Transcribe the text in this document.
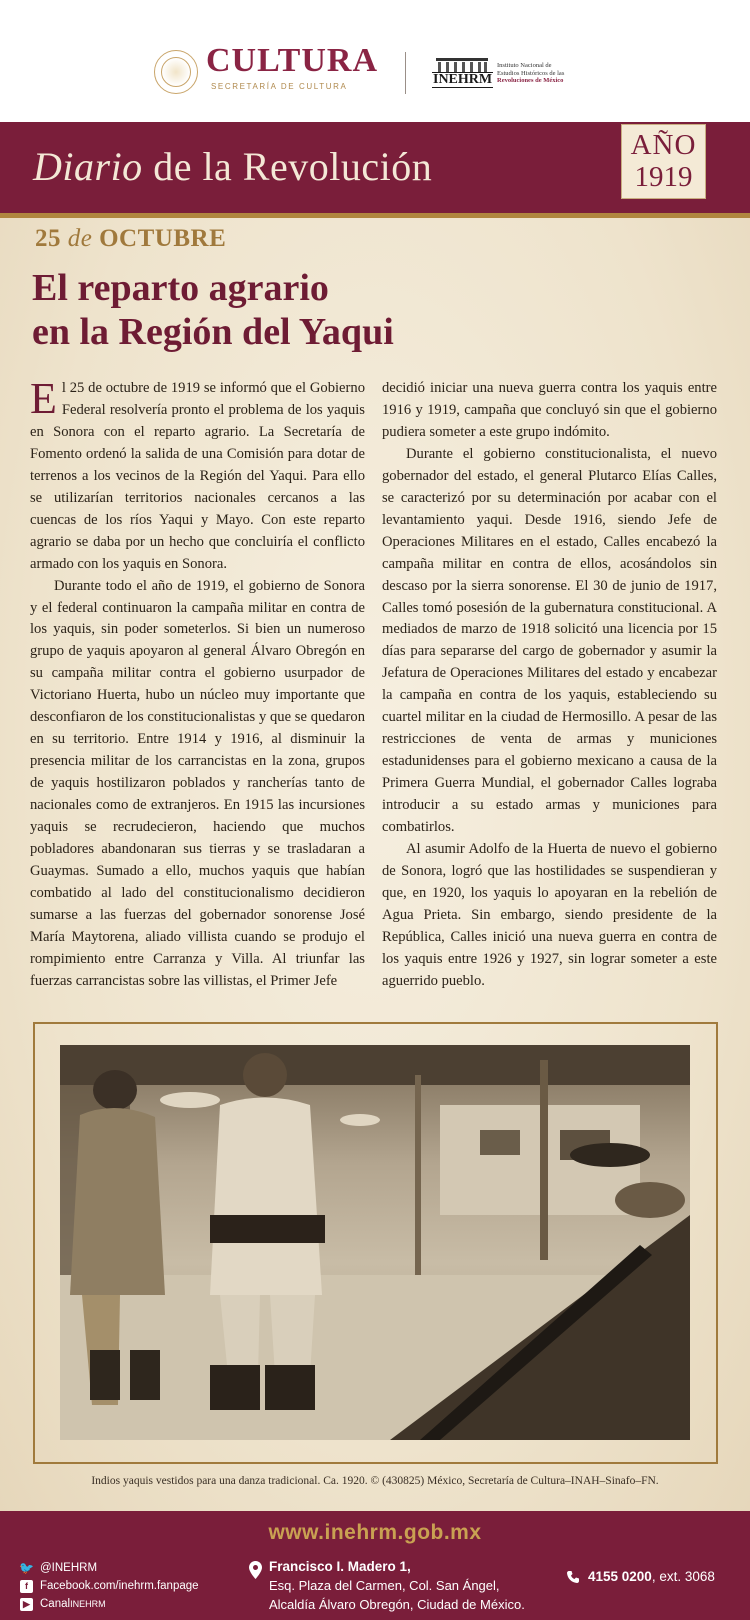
CULTURA
SECRETARÍA DE CULTURA	INEHRM
Instituto Nacional de
Estudios Históricos de las
Revoluciones de México
Diario de la Revolución	AÑO
1919
25 de OCTUBRE
El reparto agrario
en la Región del Yaqui

El 25 de octubre de 1919 se informó que el Gobierno Federal resolvería pronto el problema de los yaquis en Sonora con el reparto agrario. La Secretaría de Fomento ordenó la salida de una Comisión para dotar de terrenos a los vecinos de la Región del Yaqui. Para ello se utilizarían territorios nacionales cercanos a las cuencas de los ríos Yaqui y Mayo. Con este reparto agrario se daba por un hecho que concluiría el conflicto armado con los yaquis en Sonora.

Durante todo el año de 1919, el gobierno de Sonora y el federal continuaron la campaña militar en contra de los yaquis, sin poder someterlos. Si bien un numeroso grupo de yaquis apoyaron al general Álvaro Obregón en su campaña militar contra el gobierno usurpador de Victoriano Huerta, hubo un núcleo muy importante que desconfiaron de los constitucionalistas y que se quedaron en su territorio. Entre 1914 y 1916, al disminuir la presencia militar de los carrancistas en la zona, grupos de yaquis hostilizaron poblados y rancherías tanto de nacionales como de extranjeros. En 1915 las incursiones yaquis se recrudecieron, haciendo que muchos pobladores abandonaran sus tierras y se trasladaran a Guaymas. Sumado a ello, muchos yaquis que habían combatido al lado del constitucionalismo decidieron sumarse a las fuerzas del gobernador sonorense José María Maytorena, aliado villista cuando se produjo el rompimiento entre Carranza y Villa. Al triunfar las fuerzas carrancistas sobre las villistas, el Primer Jefe

decidió iniciar una nueva guerra contra los yaquis entre 1916 y 1919, campaña que concluyó sin que el gobierno pudiera someter a este grupo indómito.

Durante el gobierno constitucionalista, el nuevo gobernador del estado, el general Plutarco Elías Calles, se caracterizó por su determinación por acabar con el levantamiento yaqui. Desde 1916, siendo Jefe de Operaciones Militares en el estado, Calles encabezó la campaña militar en contra de ellos, acosándolos sin descaso por la sierra sonorense. El 30 de junio de 1917, Calles tomó posesión de la gubernatura constitucional. A mediados de marzo de 1918 solicitó una licencia por 15 días para separarse del cargo de gobernador y asumir la Jefatura de Operaciones Militares del estado y encabezar la campaña en contra de los yaquis, estableciendo su cuartel militar en la ciudad de Hermosillo. A pesar de las restricciones de venta de armas y municiones estadunidenses para el gobierno mexicano a causa de la Primera Guerra Mundial, el gobernador Calles lograba introducir a su estado armas y municiones para combatirlos.

Al asumir Adolfo de la Huerta de nuevo el gobierno de Sonora, logró que las hostilidades se suspendieran y que, en 1920, los yaquis lo apoyaran en la rebelión de Agua Prieta. Sin embargo, siendo presidente de la República, Calles inició una nueva guerra en contra de los yaquis entre 1926 y 1927, sin lograr someter a este aguerrido pueblo.

Indios yaquis vestidos para una danza tradicional. Ca. 1920. © (430825) México, Secretaría de Cultura–INAH–Sinafo–FN.
www.inehrm.gob.mx
🐦 @INEHRM
f	Facebook.com/inehrm.fanpage
▶ Canal INEHRM
Francisco I. Madero 1,
Esq. Plaza del Carmen, Col. San Ángel,
Alcaldía Álvaro Obregón, Ciudad de México.
4155 0200 , ext. 3068
